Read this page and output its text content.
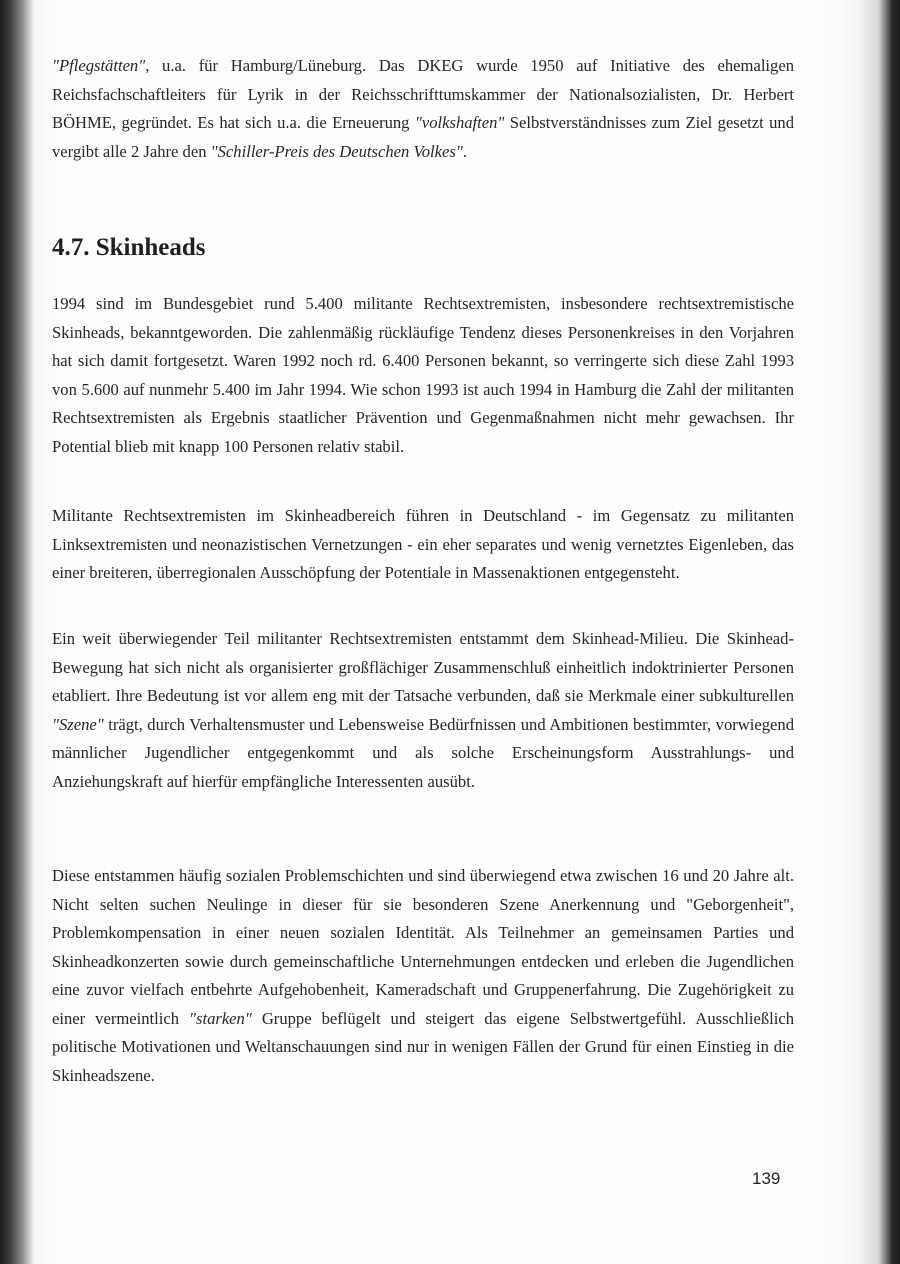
"Pflegstätten", u.a. für Hamburg/Lüneburg. Das DKEG wurde 1950 auf Initiative des ehemaligen Reichsfachschaftleiters für Lyrik in der Reichsschrifttumskammer der Nationalsozialisten, Dr. Herbert BÖHME, gegründet. Es hat sich u.a. die Erneuerung "volkshaften" Selbstverständnisses zum Ziel gesetzt und vergibt alle 2 Jahre den "Schiller-Preis des Deutschen Volkes".

4.7. Skinheads

1994 sind im Bundesgebiet rund 5.400 militante Rechtsextremisten, insbesondere rechtsextremistische Skinheads, bekanntgeworden. Die zahlenmäßig rückläufige Tendenz dieses Personenkreises in den Vorjahren hat sich damit fortgesetzt. Waren 1992 noch rd. 6.400 Personen bekannt, so verringerte sich diese Zahl 1993 von 5.600 auf nunmehr 5.400 im Jahr 1994. Wie schon 1993 ist auch 1994 in Hamburg die Zahl der militanten Rechtsextremisten als Ergebnis staatlicher Prävention und Gegenmaßnahmen nicht mehr gewachsen. Ihr Potential blieb mit knapp 100 Personen relativ stabil.

Militante Rechtsextremisten im Skinheadbereich führen in Deutschland - im Gegensatz zu militanten Linksextremisten und neonazistischen Vernetzungen - ein eher separates und wenig vernetztes Eigenleben, das einer breiteren, überregionalen Ausschöpfung der Potentiale in Massenaktionen entgegensteht.

Ein weit überwiegender Teil militanter Rechtsextremisten entstammt dem Skinhead-Milieu. Die Skinhead-Bewegung hat sich nicht als organisierter großflächiger Zusammenschluß einheitlich indoktrinierter Personen etabliert. Ihre Bedeutung ist vor allem eng mit der Tatsache verbunden, daß sie Merkmale einer subkulturellen "Szene" trägt, durch Verhaltensmuster und Lebensweise Bedürfnissen und Ambitionen bestimmter, vorwiegend männlicher Jugendlicher entgegenkommt und als solche Erscheinungsform Ausstrahlungs- und Anziehungskraft auf hierfür empfängliche Interessenten ausübt.

Diese entstammen häufig sozialen Problemschichten und sind überwiegend etwa zwischen 16 und 20 Jahre alt. Nicht selten suchen Neulinge in dieser für sie besonderen Szene Anerkennung und "Geborgenheit", Problemkompensation in einer neuen sozialen Identität. Als Teilnehmer an gemeinsamen Parties und Skinheadkonzerten sowie durch gemeinschaftliche Unternehmungen entdecken und erleben die Jugendlichen eine zuvor vielfach entbehrte Aufgehobenheit, Kameradschaft und Gruppenerfahrung. Die Zugehörigkeit zu einer vermeintlich "starken" Gruppe beflügelt und steigert das eigene Selbstwertgefühl. Ausschließlich politische Motivationen und Weltanschauungen sind nur in wenigen Fällen der Grund für einen Einstieg in die Skinheadszene.

139
